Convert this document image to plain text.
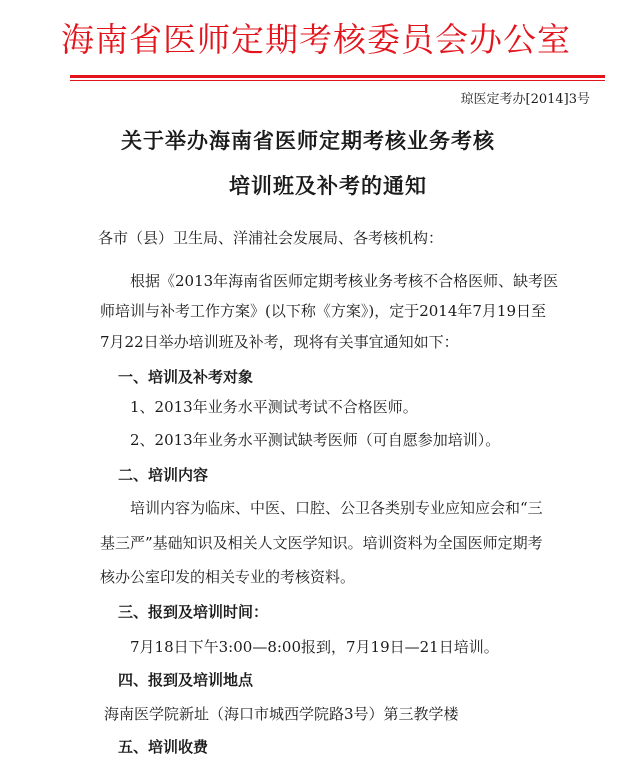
海南省医师定期考核委员会办公室
琼医定考办[2014]3号
关于举办海南省医师定期考核业务考核
培训班及补考的通知
各市（县）卫生局、洋浦社会发展局、各考核机构：
根据《2013年海南省医师定期考核业务考核不合格医师、缺考医
师培训与补考工作方案》(以下称《方案》)，定于2014年7月19日至
7月22日举办培训班及补考，现将有关事宜通知如下：
一、培训及补考对象
1、2013年业务水平测试考试不合格医师。
2、2013年业务水平测试缺考医师（可自愿参加培训）。
二、培训内容
培训内容为临床、中医、口腔、公卫各类别专业应知应会和“三
基三严”基础知识及相关人文医学知识。培训资料为全国医师定期考
核办公室印发的相关专业的考核资料。
三、报到及培训时间：
7月18日下午3:00—8:00报到，7月19日—21日培训。
四、报到及培训地点
海南医学院新址（海口市城西学院路3号）第三教学楼
五、培训收费
